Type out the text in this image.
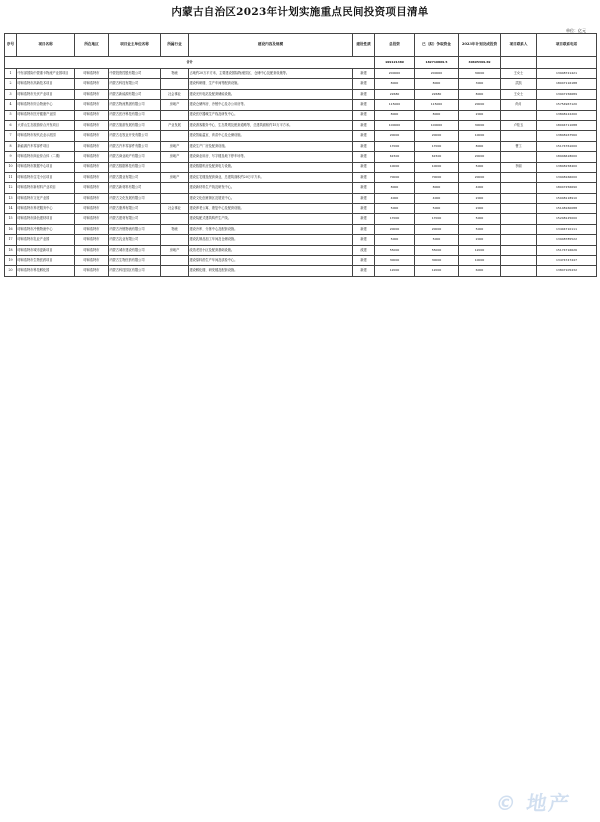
内蒙古自治区2023年计划实施重点民间投资项目清单
单位：亿元
序号	项目名称	所在地区	项目业主单位名称	所属行业	建设内容及规模	建设性质	总投资	已（拟）争取资金	2023年计划完成投资	项目联系人	项目联系电话
合计							199121489	182719869.5	40695399.69		
1	中东部国际中蒙重卡物流产业园项目	呼和浩特市	中蒙投资控股有限公司	物流	占地约20万平方米，主要建设国际物流园区、仓储中心及配套设施等。	新建	200000	200000	30000	王女士	13948721421
2	呼和浩特市高新技术项目	呼和浩特市	内蒙古科技有限公司		建设科研楼、生产车间等配套设施。	新建	8000	8000	3000	武凯	18047116188
3	呼和浩特市光伏产业项目	呼和浩特市	内蒙古新能源有限公司	社会事业	建设光伏电站及配套储能设施。	新建	22680	22680	8000	王女士	13947156689
4	呼和浩特市综合物流中心	呼和浩特市	内蒙古物流集团有限公司	房地产	建设仓储库房、冷链中心及办公用房等。	新建	115000	115000	20000	尚月	15754967120
5	呼和浩特市医疗健康产业园	呼和浩特市	内蒙古医疗科技有限公司		建设医疗器械生产线及研发中心。	新建	8000	8000	2000		13848122200
6	大青山生态旅游综合开发项目	呼和浩特市	内蒙古旅游发展有限公司	产业发展	建设游客服务中心、生态景观及配套道路等，总建筑面积约15万平方米。	新建	100000	100000	30000	卢桂玉	18004711088
7	呼和浩特市现代农业示范园	呼和浩特市	内蒙古农牧业开发有限公司		建设智能温室、育苗中心及仓储设施。	新建	20000	20000	10000		13848167560
8	新能源汽车零部件项目	呼和浩特市	内蒙古汽车零部件有限公司	房地产	建设生产厂房及配套设施。	新建	17000	17000	8000	曹工	15174761000
9	呼和浩特市商业综合体（二期）	呼和浩特市	内蒙古商业地产有限公司	房地产	建设商业用房、写字楼及地下停车场等。	新建	61500	61500	20000		18946618000
10	呼和浩特市数据中心项目	呼和浩特市	内蒙古数据科技有限公司		建设数据机房及配套电力设施。	新建	10000	10000	5000	李丽	13848158400
11	呼和浩特市住宅小区项目	呼和浩特市	内蒙古置业有限公司	房地产	建设住宅楼及配套商业，总建筑面积约20万平方米。	新建	70000	70000	20000		13948166000
12	呼和浩特市新材料产业项目	呼和浩特市	内蒙古新材料有限公司		建设新材料生产线及研发中心。	新建	8000	8000	4000		18047256690
13	呼和浩特市文化产业园	呼和浩特市	内蒙古文化发展有限公司		建设文化创意街区及展览中心。	新建	4000	4000	2000		15048118910
14	呼和浩特市养老服务中心	呼和浩特市	内蒙古康养有限公司	社会事业	建设养老公寓、康复中心及配套设施。	新建	5000	5000	2000		15148160088
15	呼和浩特市绿色建材项目	呼和浩特市	内蒙古建材有限公司		建设装配式建筑构件生产线。	新建	17000	17000	5000		15248125000
16	呼和浩特市冷链物流中心	呼和浩特市	内蒙古冷链物流有限公司	物流	建设冷库、分拣中心及配套设施。	新建	20000	20000	5000		13404710111
17	呼和浩特市乳业产业园	呼和浩特市	内蒙古乳业有限公司		建设乳制品加工车间及仓储设施。	新建	5000	5000	2000		13948785522
18	呼和浩特市城市更新项目	呼和浩特市	内蒙古城市建设有限公司	房地产	改造老旧小区及配套基础设施。	改建	55000	55000	12000		15174716626
19	呼和浩特市生物医药项目	呼和浩特市	内蒙古生物医药有限公司		建设原料药生产车间及质检中心。	新建	30000	30000	10000		13474747447
20	呼和浩特市科技孵化园	呼和浩特市	内蒙古科技园区有限公司		建设孵化楼、研发楼及配套设施。	新建	12000	12000	6000		13847105432
© 地产ᅟ
